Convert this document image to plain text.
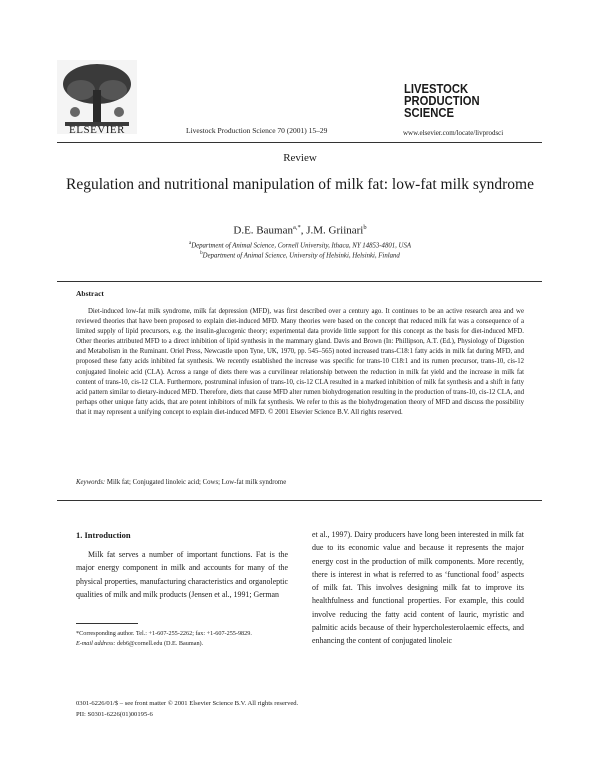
ELSEVIER	Livestock Production Science 70 (2001) 15–29
LIVESTOCK
PRODUCTION
SCIENCE
www.elsevier.com/locate/livprodsci
Review
Regulation and nutritional manipulation of milk fat: low-fat milk syndrome
D.E. Bauman$^{a,*}$, J.M. Griinari$^b$
$^a$Department of Animal Science, Cornell University, Ithaca, NY 14853-4801, USA
$^b$Department of Animal Science, University of Helsinki, Helsinki, Finland
Abstract
Diet-induced low-fat milk syndrome, milk fat depression (MFD), was first described over a century ago. It continues to be an active research area and we reviewed theories that have been proposed to explain diet-induced MFD. Many theories were based on the concept that reduced milk fat was a consequence of a limited supply of lipid precursors, e.g. the insulin-glucogenic theory; experimental data provide little support for this concept as the basis for diet-induced MFD. Other theories attributed MFD to a direct inhibition of lipid synthesis in the mammary gland. Davis and Brown (In: Phillipson, A.T. (Ed.), Physiology of Digestion and Metabolism in the Ruminant. Oriel Press, Newcastle upon Tyne, UK, 1970, pp. 545–565) noted increased trans-C18:1 fatty acids in milk fat during MFD, and proposed these fatty acids inhibited fat synthesis. We recently established the increase was specific for trans-10 C18:1 and its rumen precursor, trans-10, cis-12 conjugated linoleic acid (CLA). Across a range of diets there was a curvilinear relationship between the reduction in milk fat yield and the increase in milk fat content of trans-10, cis-12 CLA. Furthermore, postruminal infusion of trans-10, cis-12 CLA resulted in a marked inhibition of milk fat synthesis and a shift in fatty acid pattern similar to dietary-induced MFD. Therefore, diets that cause MFD alter rumen biohydrogenation resulting in the production of trans-10, cis-12 CLA, and perhaps other unique fatty acids, that are potent inhibitors of milk fat synthesis. We refer to this as the biohydrogenation theory of MFD and discuss the possibility that it may represent a unifying concept to explain diet-induced MFD. © 2001 Elsevier Science B.V. All rights reserved.
Keywords: Milk fat; Conjugated linoleic acid; Cows; Low-fat milk syndrome
1. Introduction

Milk fat serves a number of important functions. Fat is the major energy component in milk and accounts for many of the physical properties, manufacturing characteristics and organoleptic qualities of milk and milk products (Jensen et al., 1991; German

et al., 1997). Dairy producers have long been interested in milk fat due to its economic value and because it represents the major energy cost in the production of milk components. More recently, there is interest in what is referred to as ‘functional food’ aspects of milk fat. This involves designing milk fat to improve its healthfulness and functional properties. For example, this could involve reducing the fatty acid content of lauric, myristic and palmitic acids because of their hypercholesterolaemic effects, and enhancing the content of conjugated linoleic

*Corresponding author. Tel.: +1-607-255-2262; fax: +1-607-255-9829.
E-mail address: deb6@cornell.edu (D.E. Bauman).
0301-6226/01/$ – see front matter © 2001 Elsevier Science B.V. All rights reserved.
PII: S0301-6226(01)00195-6
